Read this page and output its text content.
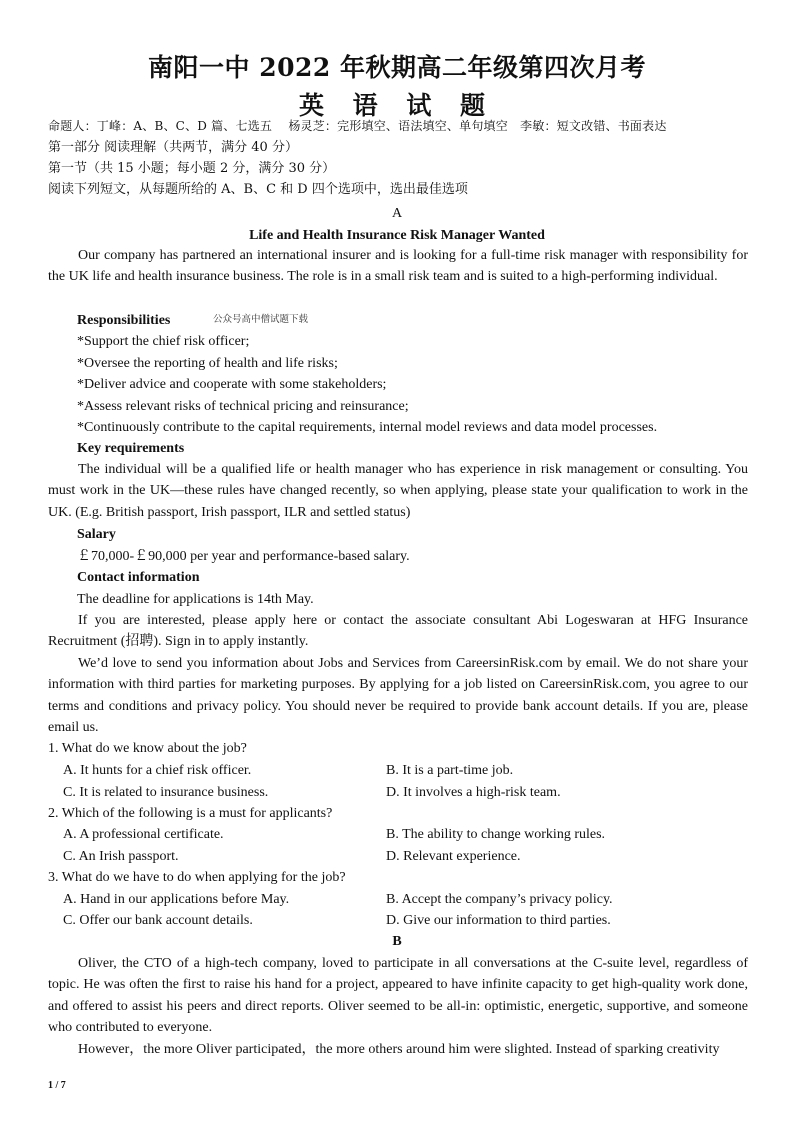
南阳一中 2022 年秋期高二年级第四次月考
英 语 试 题
命题人：丁峰：A、B、C、D 篇、七选五　 杨灵芝：完形填空、语法填空、单句填空　李敏：短文改错、书面表达
第一部分 阅读理解（共两节，满分 40 分）
第一节（共 15 小题；每小题 2 分，满分 30 分）
阅读下列短文，从每题所给的 A、B、C 和 D 四个选项中，选出最佳选项
A
Life and Health Insurance Risk Manager Wanted

Our company has partnered an international insurer and is looking for a full-time risk manager with responsibility for the UK life and health insurance business. The role is in a small risk team and is suited to a high-performing individual.

Responsibilities	公众号高中僧试题下载
*Support the chief risk officer;
*Oversee the reporting of health and life risks;
*Deliver advice and cooperate with some stakeholders;
*Assess relevant risks of technical pricing and reinsurance;
*Continuously contribute to the capital requirements, internal model reviews and data model processes.
Key requirements

The individual will be a qualified life or health manager who has experience in risk management or consulting. You must work in the UK—these rules have changed recently, so when applying, please state your qualification to work in the UK. (E.g. British passport, Irish passport, ILR and settled status)

Salary
￡70,000-￡90,000 per year and performance-based salary.
Contact information
The deadline for applications is 14th May.

If you are interested, please apply here or contact the associate consultant Abi Logeswaran at HFG Insurance Recruitment (招聘). Sign in to apply instantly.

We’d love to send you information about Jobs and Services from CareersinRisk.com by email. We do not share your information with third parties for marketing purposes. By applying for a job listed on CareersinRisk.com, you agree to our terms and conditions and privacy policy. You should never be required to provide bank account details. If you are, please email us.

1. What do we know about the job?
A. It hunts for a chief risk officer.	B. It is a part-time job.
C. It is related to insurance business.	D. It involves a high-risk team.
2. Which of the following is a must for applicants?
A. A professional certificate.	B. The ability to change working rules.
C. An Irish passport.	D. Relevant experience.
3. What do we have to do when applying for the job?
A. Hand in our applications before May.	B. Accept the company’s privacy policy.
C. Offer our bank account details.	D. Give our information to third parties.
B

Oliver, the CTO of a high-tech company, loved to participate in all conversations at the C-suite level, regardless of topic. He was often the first to raise his hand for a project, appeared to have infinite capacity to get high-quality work done, and offered to assist his peers and direct reports. Oliver seemed to be all-in: optimistic, energetic, supportive, and someone who contributed to everyone.

However，the more Oliver participated，the more others around him were slighted. Instead of sparking creativity
1 / 7
